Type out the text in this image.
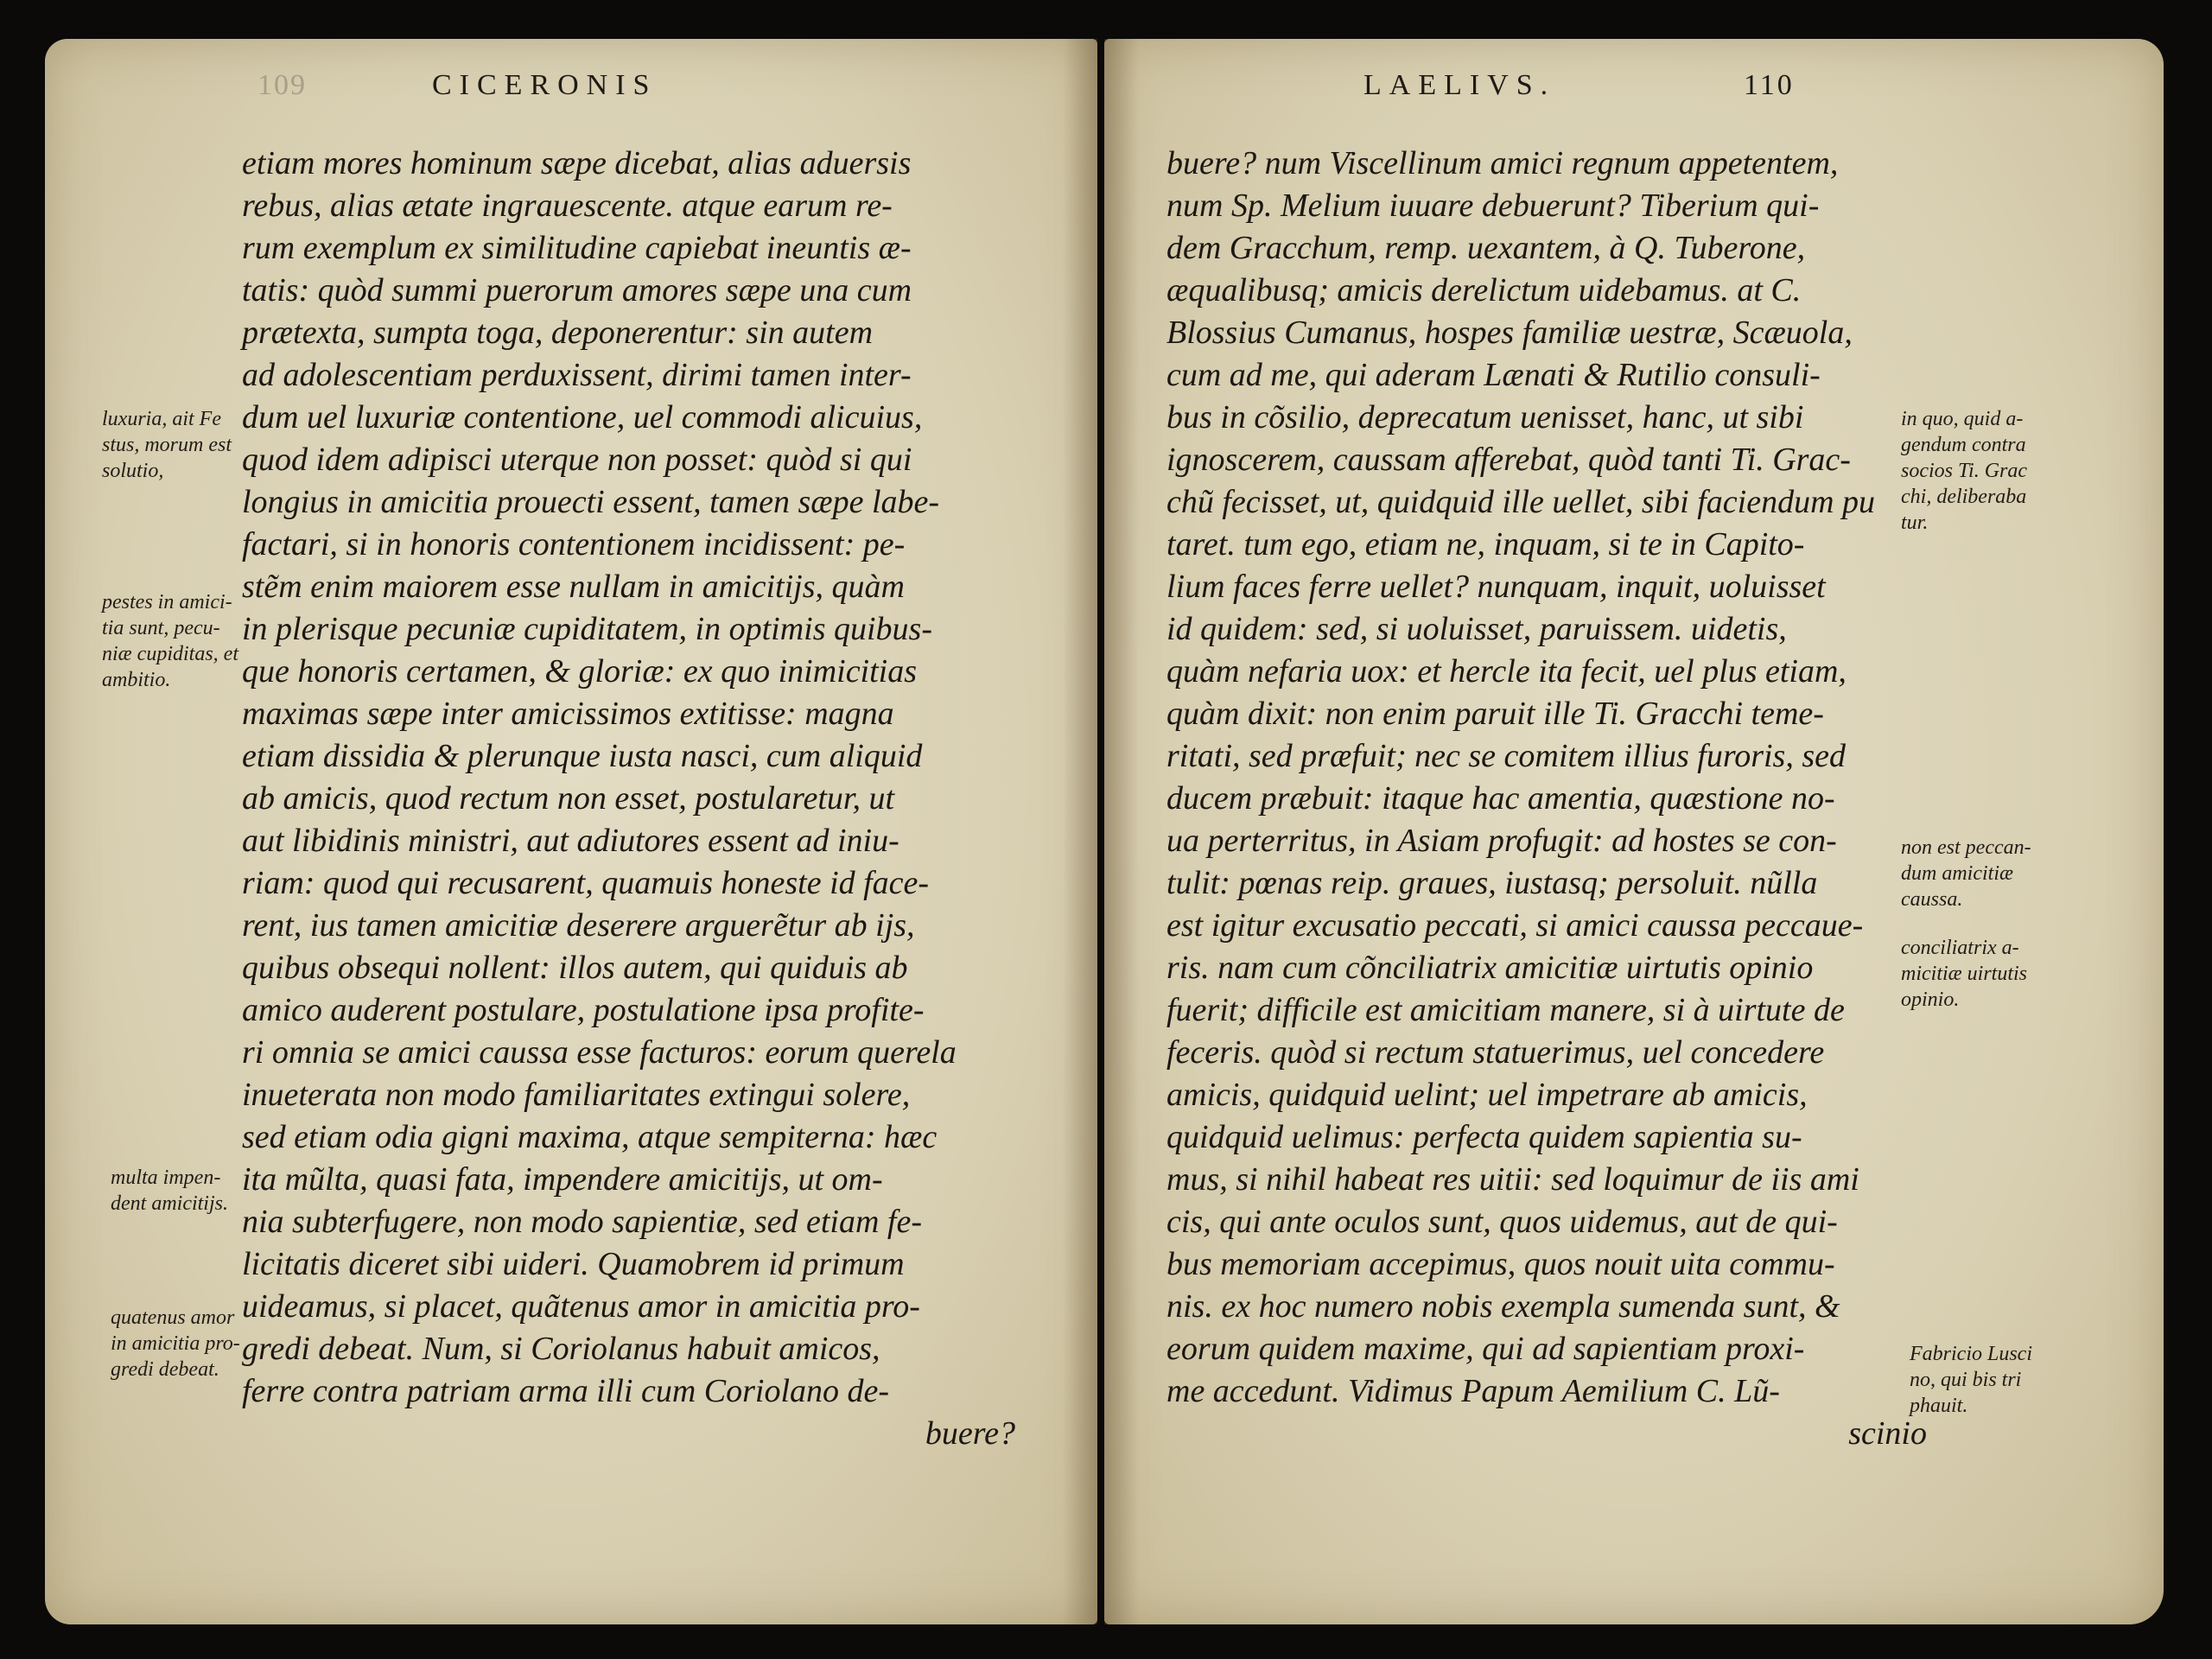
109	CICERONIS	LAELIVS.	110
etiam mores hominum sæpe dicebat, alias aduersis
rebus, alias ætate ingrauescente. atque earum re-
rum exemplum ex similitudine capiebat ineuntis æ-
tatis: quòd summi puerorum amores sæpe una cum
prætexta, sumpta toga, deponerentur: sin autem
ad adolescentiam perduxissent, dirimi tamen inter-
dum uel luxuriæ contentione, uel commodi alicuius,
quod idem adipisci uterque non posset: quòd si qui
longius in amicitia prouecti essent, tamen sæpe labe-
factari, si in honoris contentionem incidissent: pe-
stẽm enim maiorem esse nullam in amicitijs, quàm
in plerisque pecuniæ cupiditatem, in optimis quibus-
que honoris certamen, & gloriæ: ex quo inimicitias
maximas sæpe inter amicissimos extitisse: magna
etiam dissidia & plerunque iusta nasci, cum aliquid
ab amicis, quod rectum non esset, postularetur, ut
aut libidinis ministri, aut adiutores essent ad iniu-
riam: quod qui recusarent, quamuis honeste id face-
rent, ius tamen amicitiæ deserere arguerẽtur ab ijs,
quibus obsequi nollent: illos autem, qui quiduis ab
amico auderent postulare, postulatione ipsa profite-
ri omnia se amici caussa esse facturos: eorum querela
inueterata non modo familiaritates extingui solere,
sed etiam odia gigni maxima, atque sempiterna: hæc
ita mũlta, quasi fata, impendere amicitijs, ut om-
nia subterfugere, non modo sapientiæ, sed etiam fe-
licitatis diceret sibi uideri. Quamobrem id primum
uideamus, si placet, quãtenus amor in amicitia pro-
gredi debeat. Num, si Coriolanus habuit amicos,
ferre contra patriam arma illi cum Coriolano de-
buere?
buere? num Viscellinum amici regnum appetentem,
num Sp. Melium iuuare debuerunt? Tiberium qui-
dem Gracchum, remp. uexantem, à Q. Tuberone,
æqualibusq; amicis derelictum uidebamus. at C.
Blossius Cumanus, hospes familiæ uestræ, Scæuola,
cum ad me, qui aderam Lænati & Rutilio consuli-
bus in cõsilio, deprecatum uenisset, hanc, ut sibi
ignoscerem, caussam afferebat, quòd tanti Ti. Grac-
chũ fecisset, ut, quidquid ille uellet, sibi faciendum pu
taret. tum ego, etiam ne, inquam, si te in Capito-
lium faces ferre uellet? nunquam, inquit, uoluisset
id quidem: sed, si uoluisset, paruissem. uidetis,
quàm nefaria uox: et hercle ita fecit, uel plus etiam,
quàm dixit: non enim paruit ille Ti. Gracchi teme-
ritati, sed præfuit; nec se comitem illius furoris, sed
ducem præbuit: itaque hac amentia, quæstione no-
ua perterritus, in Asiam profugit: ad hostes se con-
tulit: pœnas reip. graues, iustasq; persoluit. nũlla
est igitur excusatio peccati, si amici caussa peccaue-
ris. nam cum cõnciliatrix amicitiæ uirtutis opinio
fuerit; difficile est amicitiam manere, si à uirtute de
feceris. quòd si rectum statuerimus, uel concedere
amicis, quidquid uelint; uel impetrare ab amicis,
quidquid uelimus: perfecta quidem sapientia su-
mus, si nihil habeat res uitii: sed loquimur de iis ami
cis, qui ante oculos sunt, quos uidemus, aut de qui-
bus memoriam accepimus, quos nouit uita commu-
nis. ex hoc numero nobis exempla sumenda sunt, &
eorum quidem maxime, qui ad sapientiam proxi-
me accedunt. Vidimus Papum Aemilium C. Lũ-
scinio
luxuria, ait Fe
stus, morum est
solutio,
pestes in amici-
tia sunt, pecu-
niæ cupiditas, et
ambitio.
multa impen-
dent amicitijs.
quatenus amor
in amicitia pro-
gredi debeat.
in quo, quid a-
gendum contra
socios Ti. Grac
chi, deliberaba
tur.
non est peccan-
dum amicitiæ
caussa.
conciliatrix a-
micitiæ uirtutis
opinio.
Fabricio Lusci
no, qui bis tri
phauit.
